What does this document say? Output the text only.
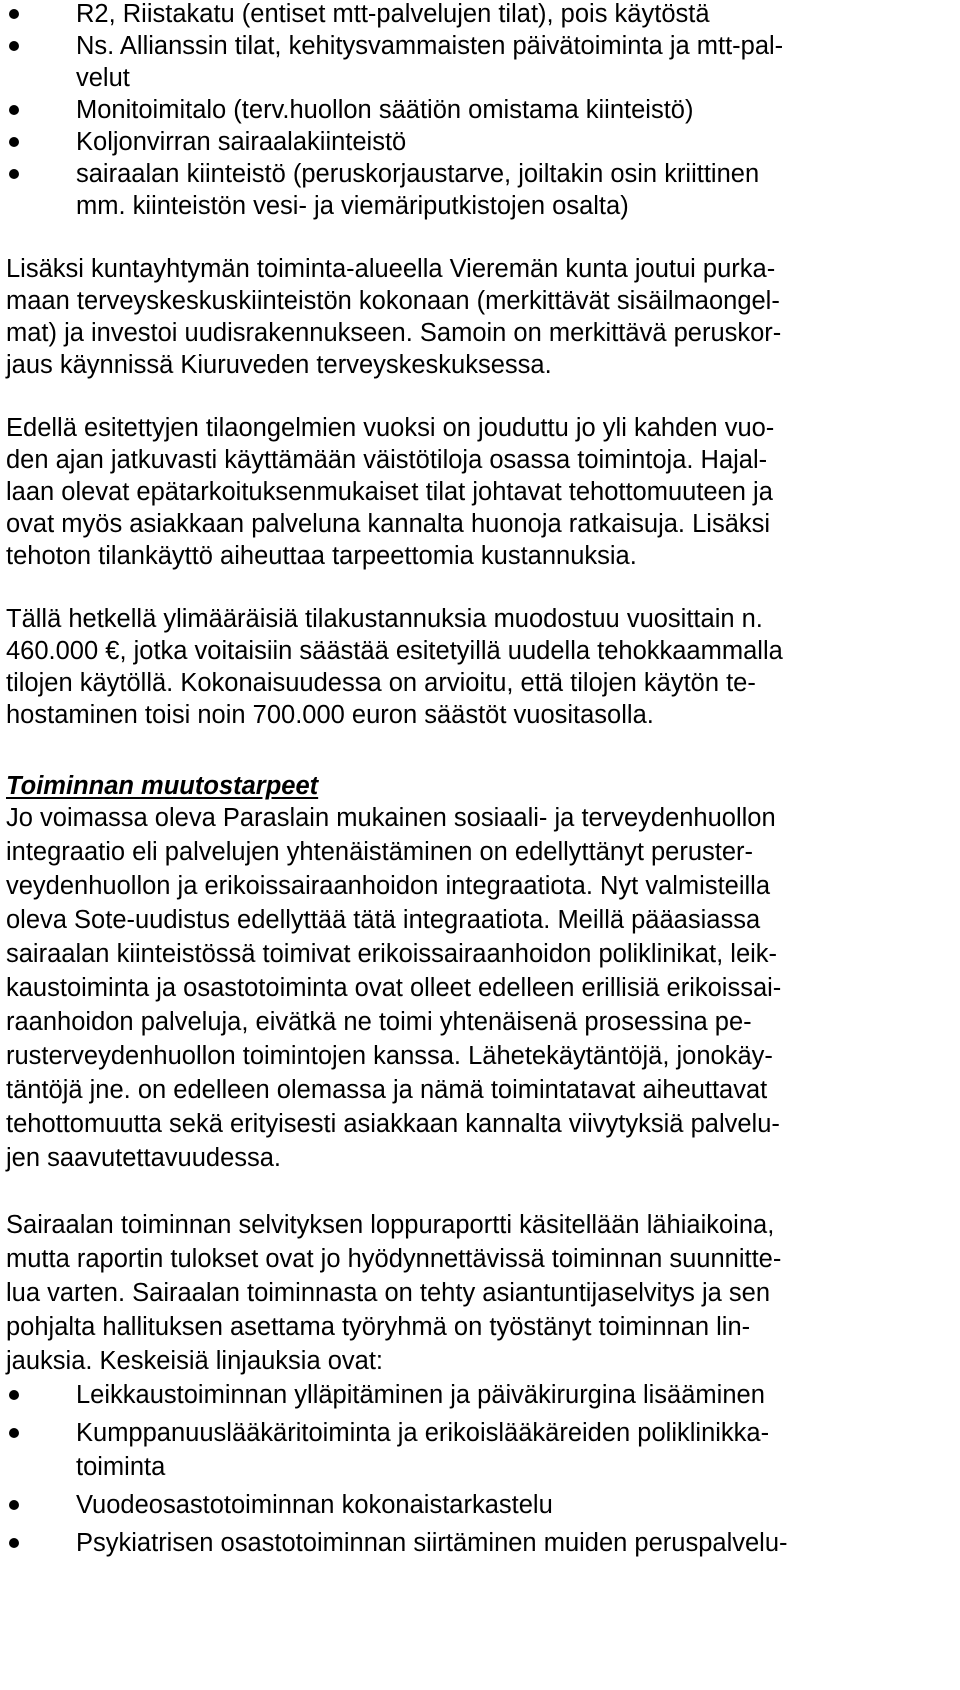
R2, Riistakatu (entiset mtt-palvelujen tilat), pois käytöstä
Ns. Allianssin tilat, kehitysvammaisten päivätoiminta ja mtt-pal-
velut
Monitoimitalo (terv.huollon säätiön omistama kiinteistö)
Koljonvirran sairaalakiinteistö
sairaalan kiinteistö (peruskorjaustarve, joiltakin osin kriittinen
mm. kiinteistön vesi- ja viemäriputkistojen osalta)
Lisäksi kuntayhtymän toiminta-alueella Vieremän kunta joutui purka-
maan terveyskeskuskiinteistön kokonaan (merkittävät sisäilmaongel-
mat) ja investoi uudisrakennukseen. Samoin on merkittävä peruskor-
jaus käynnissä Kiuruveden terveyskeskuksessa.
Edellä esitettyjen tilaongelmien vuoksi on jouduttu jo yli kahden vuo-
den ajan jatkuvasti käyttämään väistötiloja osassa toimintoja. Hajal-
laan olevat epätarkoituksenmukaiset tilat johtavat tehottomuuteen ja
ovat myös asiakkaan palveluna kannalta huonoja ratkaisuja. Lisäksi
tehoton tilankäyttö aiheuttaa tarpeettomia kustannuksia.
Tällä hetkellä ylimääräisiä tilakustannuksia muodostuu vuosittain n.
460.000 €, jotka voitaisiin säästää esitetyillä uudella tehokkaammalla
tilojen käytöllä. Kokonaisuudessa on arvioitu, että tilojen käytön te-
hostaminen toisi noin 700.000 euron säästöt vuositasolla.
Toiminnan muutostarpeet
Jo voimassa oleva Paraslain mukainen sosiaali- ja terveydenhuollon
integraatio eli palvelujen yhtenäistäminen on edellyttänyt peruster-
veydenhuollon ja erikoissairaanhoidon integraatiota. Nyt valmisteilla
oleva Sote-uudistus edellyttää tätä integraatiota. Meillä pääasiassa
sairaalan kiinteistössä toimivat erikoissairaanhoidon poliklinikat, leik-
kaustoiminta ja osastotoiminta ovat olleet edelleen erillisiä erikoissai-
raanhoidon palveluja, eivätkä ne toimi yhtenäisenä prosessina pe-
rusterveydenhuollon toimintojen kanssa. Lähetekäytäntöjä, jonokäy-
täntöjä jne. on edelleen olemassa ja nämä toimintatavat aiheuttavat
tehottomuutta sekä erityisesti asiakkaan kannalta viivytyksiä palvelu-
jen saavutettavuudessa.
Sairaalan toiminnan selvityksen loppuraportti käsitellään lähiaikoina,
mutta raportin tulokset ovat jo hyödynnettävissä toiminnan suunnitte-
lua varten. Sairaalan toiminnasta on tehty asiantuntijaselvitys ja sen
pohjalta hallituksen asettama työryhmä on työstänyt toiminnan lin-
jauksia. Keskeisiä linjauksia ovat:
Leikkaustoiminnan ylläpitäminen ja päiväkirurgina lisääminen
Kumppanuuslääkäritoiminta ja erikoislääkäreiden poliklinikka-
toiminta
Vuodeosastotoiminnan kokonaistarkastelu
Psykiatrisen osastotoiminnan siirtäminen muiden peruspalvelu-
